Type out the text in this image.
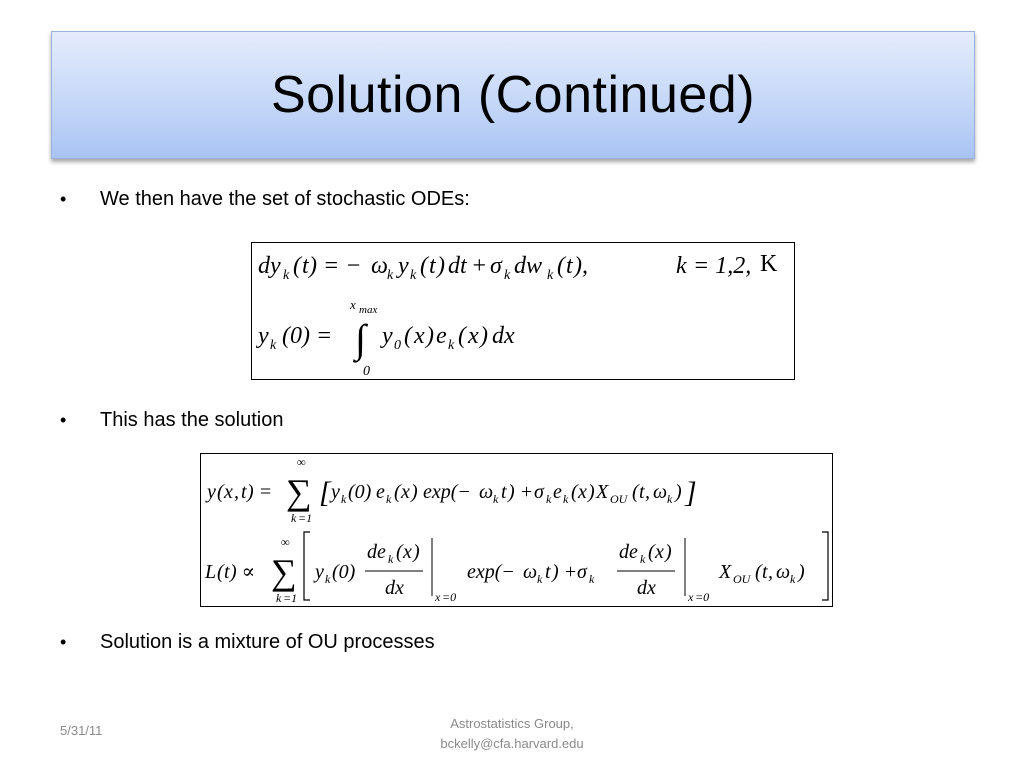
Solution (Continued)
•	We then have the set of stochastic ODEs:
dy k ( t ) = − ω k y k ( t ) dt + σ k dw k ( t ),	k = 1,2, K
x max
y k (0) = ∫
0
y 0 ( x ) e k ( x ) dx
•	This has the solution
y ( x , t ) =
∞
∑
k =1
[ y k (0) e k ( x ) exp(− ω k t ) + σ k e k ( x ) X OU ( t , ω k ) ]
L ( t ) ∝
∞
∑
k =1
y k (0)
de k ( x )
dx	x =0
exp(− ω k t ) + σ k
de k ( x )
dx	x =0
X OU ( t , ω k )
•	Solution is a mixture of OU processes
5/31/11	Astrostatistics Group,
bckelly@cfa.harvard.edu
